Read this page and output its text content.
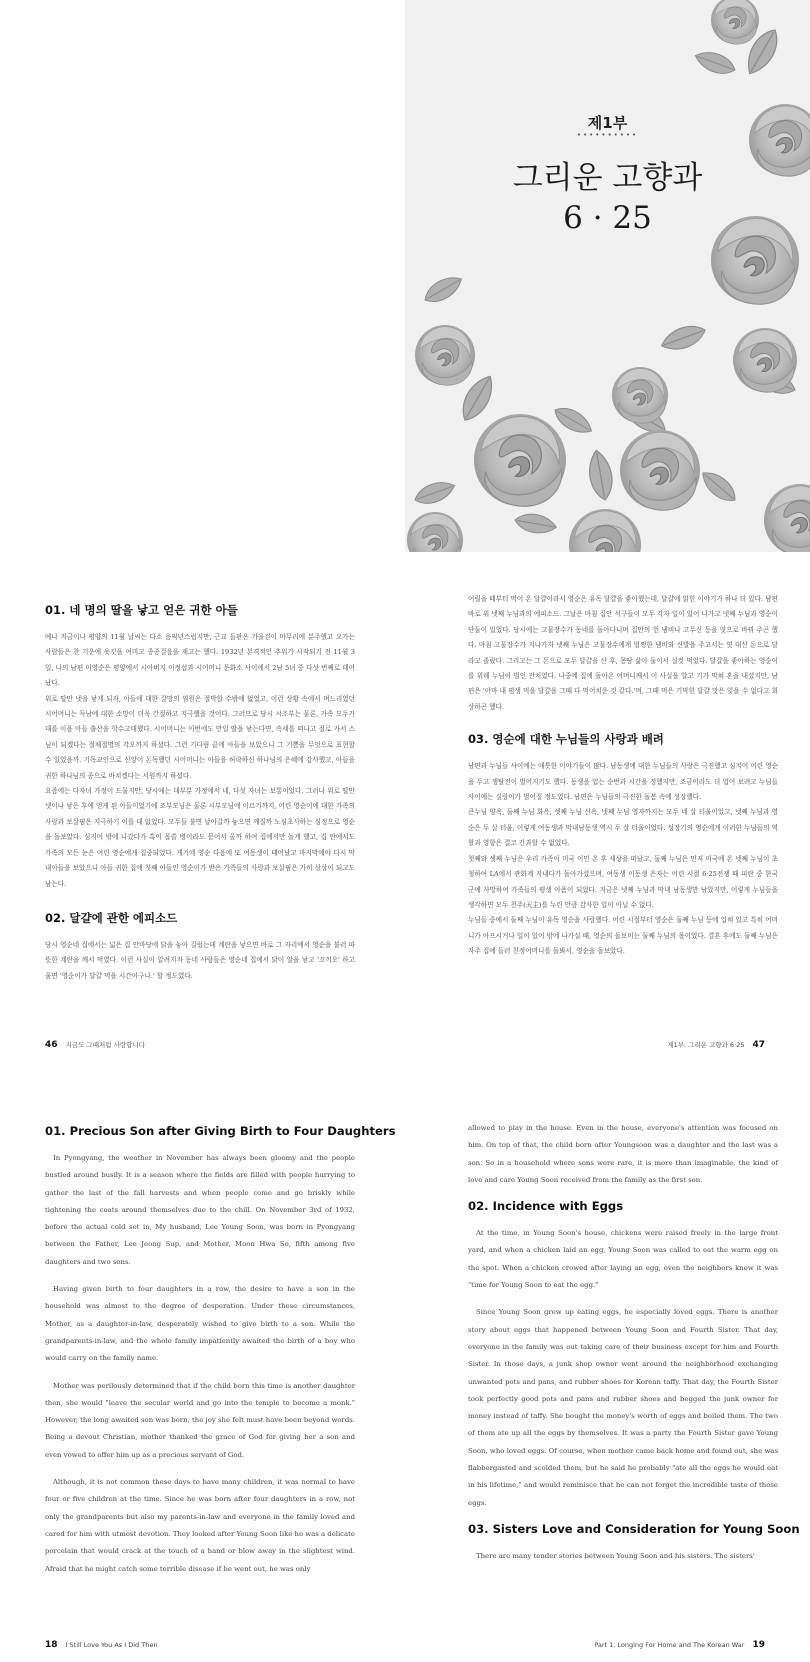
제1부
••••••••••
그리운 고향과
6 · 25
01. 네 명의 딸을 낳고 얻은 귀한 아들

예나 지금이나 평양의 11월 날씨는 다소 음픽년스럽지만, 근교 들판은 가을걷이 마무리에 분주했고 오가는 사람들은 찬 기운에 옷깃을 여미고 종종걸음을 재고는 했다. 1932년 본격적인 추위가 시작되기 전 11월 3일, 나의 남편 이영순은 평양에서 시아버지 이정섭과 시어머니 문화소 사이에서 2남 5녀 중 다섯 번째로 태어났다.

위로 딸만 넷을 낳게 되자, 아들에 대한 갈망의 염원은 절박할 수밖에 없었고, 이런 상황 속에서 며느리였던 시어머니는 득남에 대한 소망이 더욱 간절하고 지극했을 것이다. 그러므로 당시 시조부는 물론, 가족 모두가 대를 이을 아들 출산을 학수고대했다. 시어머니는 이번에도 만일 딸을 낳는다면, 속세를 떠나고 절로 가서 스님이 되겠다는 절체절명의 각오까지 하셨다. 그런 기다림 끝에 아들을 보았으니 그 기쁨을 무엇으로 표현할 수 있었을까. 기독교인으로 신앙이 돈독했던 시어머니는 아들을 허락하신 하나님의 은혜에 감사했고, 아들을 귀한 하나님의 종으로 바치겠다는 서원까지 하셨다.

요즘에는 다자녀 가정이 드물지만, 당시에는 대부분 가정에서 네, 다섯 자녀는 보통이었다. 그러나 위로 딸만 넷이나 낳은 후에 얻게 된 아들이었기에 조부모님은 물론 시부모님에 이르기까지, 어린 영순이에 대한 가족의 사랑과 보살핌은 지극하기 이를 데 없었다. 모두들 불면 날아갈까 놓으면 깨질까 노심초사하는 심정으로 영순을 돌보았다. 심지어 밖에 나갔다가 혹이 몹쓸 병이라도 묻어서 올까 하여 집에서만 놀게 했고, 집 안에서도 가족의 모든 눈은 어린 영순에게 집중되었다. 게기에 영순 다음에 또 여동생이 태어났고 마지막에야 다시 막내아들을 보았으니 아들 귀한 집에 첫째 아들인 영순이가 받은 가족들의 사랑과 보살핌은 가히 상상이 되고도 남는다.

02. 달걀에 관한 에피소드

당시 영순네 집에서는 넓은 집 안마당에 닭을 놓아 길렀는데 계란을 낳으면 바로 그 자리에서 영순을 불러 따뜻한 계란을 깨서 먹였다. 이런 사실이 알려지자 동네 사람들은 영순네 집에서 닭이 알을 낳고 '꼬끼오' 하고 울면 '영순이가 달걀 먹을 시간이구나.' 할 정도였다.

46 지금도 그때처럼 사랑합니다

어릴을 때부터 먹어 온 달걀이라서 영순은 유독 달걀을 좋아했는데, 달걀에 얽힌 이야기가 하나 더 있다. 남편 바로 위 넷째 누님과의 에피소드. 그날은 마침 집안 식구들이 모두 각자 일이 있어 나가고 넷째 누님과 영순이 단둘이 있었다. 당시에는 고물장수가 동네를 돌아다니며 집안의 헌 냄비나 고무신 등을 엿으로 바꿔 주곤 했다. 마침 고물장수가 지나가자 넷째 누님은 고물장수에게 멀쩡한 냄비와 신발을 주고서는 엿 대신 돈으로 달라고 졸랐다. 그리고는 그 돈으로 모두 달걀을 산 후, 몽땅 삶아 둘이서 실컷 먹었다. 달걀을 좋아하는 영순이를 위해 누님이 벌인 잔치였다. 나중에 집에 돌아온 어머니께서 이 사실을 알고 기가 막혀 혼을 내셨지만, 남편은 '아마 내 평생 먹을 달걀을 그때 다 먹어치운 것 같다.'며, 그때 먹은 기막힌 달걀 맛은 잊을 수 없다고 회상하곤 했다.

03. 영순에 대한 누님들의 사랑과 배려

남편과 누님들 사이에는 애틋한 이야기들이 많다. 남동생에 대한 누님들의 사랑은 극진했고 심지어 어린 영순을 두고 쟁탈전이 벌어지기도 했다. 동생을 업는 순번과 시간을 정했지만, 조금이라도 더 업어 보려고 누님들 사이에는 실랑이가 벌어질 정도였다. 남편은 누님들의 극진한 돌봄 속에 성장했다.

큰누님 양옥, 둘째 누님 화옥, 셋째 누님 신옥, 넷째 누님 영자까지는 모두 네 살 터울이었고, 넷째 누님과 영순은 두 살 터울, 이렇게 여동생과 막내남동생 역시 두 살 터울이었다. 성장기의 영순에게 이러한 누님들의 역할과 영향은 결코 간과할 수 없었다.

첫째와 셋째 누님은 우리 가족이 미국 이민 온 후 세상을 떠났고, 둘째 누님은 먼저 미국에 온 넷째 누님이 초청하여 LA에서 관화계 지내다가 돌아가셨으며, 여동생 이동생 은자는 어린 시절 6·25전쟁 때 피란 중 한국군에 사망하여 가족들의 평생 아픔이 되었다. 지금은 넷째 누님과 막내 남동생만 남았지만, 이렇게 누님들을 생각하면 모두 천주(天主)를 누린 만큼 감사한 일이 아닐 수 없다.

누님들 중에서 둘째 누님이 유독 영순을 사랑했다. 어린 시절부터 영순은 둘째 누님 등에 업혀 있고 특히 어머니가 아프시거나 일이 있어 밖에 나가실 때, 영순의 돌보미는 둘째 누님의 몫이었다. 결혼 후에도 둘째 누님은 자주 집에 들러 친정어머니를 돌봐서, 영순을 돌보았다.

제1부. 그리운 고향과 6·25 47
01. Precious Son after Giving Birth to Four Daughters

In Pyongyang, the weather in November has always been gloomy and the people bustled around busily. It is a season where the fields are filled with people hurrying to gather the last of the fall harvests and when people come and go briskly while tightening the coats around themselves due to the chill. On November 3rd of 1932, before the actual cold set in, My husband, Lee Young Soon, was born in Pyongyang between the Father, Lee Jeong Sup, and Mother, Moon Hwa So, fifth among five daughters and two sons.

Having given birth to four daughters in a row, the desire to have a son in the household was almost to the degree of desperation. Under these circumstances, Mother, as a daughter-in-law, desperately wished to give birth to a son. While the grandparents-in-law, and the whole family impatiently awaited the birth of a boy who would carry on the family name.

Mother was perilously determined that if the child born this time is another daughter then, she would "leave the secular world and go into the temple to become a monk." However, the long awaited son was born, the joy she felt must have been beyond words. Being a devout Christian, mother thanked the grace of God for giving her a son and even vowed to offer him up as a precious servant of God.

Although, it is not common these days to have many children, it was normal to have four or five children at the time. Since he was born after four daughters in a row, not only the grandparents but also my parents-in-law and everyone in the family loved and cared for him with utmost devotion. They looked after Young Soon like he was a delicate porcelain that would crack at the touch of a hand or blow away in the slightest wind. Afraid that he might catch some terrible disease if he went out, he was only

18 I Still Love You As I Did Then

allowed to play in the house. Even in the house, everyone's attention was focused on him. On top of that, the child born after Youngsoon was a daughter and the last was a son. So in a household where sons were rare, it is more than imaginable, the kind of love and care Young Soon received from the family as the first son.

02. Incidence with Eggs

At the time, in Young Soon's house, chickens were raised freely in the large front yard, and when a chicken laid an egg, Young Soon was called to eat the warm egg on the spot. When a chicken crowed after laying an egg, even the neighbors knew it was "time for Young Soon to eat the egg."

Since Young Soon grew up eating eggs, he especially loved eggs. There is another story about eggs that happened between Young Soon and Fourth Sister. That day, everyone in the family was out taking care of their business except for him and Fourth Sister. In those days, a junk shop owner went around the neighborhood exchanging unwanted pots and pans, and rubber shoes for Korean taffy. That day, the Fourth Sister took perfectly good pots and pans and rubber shoes and begged the junk owner for money instead of taffy. She bought the money's worth of eggs and boiled them. The two of them ate up all the eggs by themselves. It was a party the Fourth Sister gave Young Soon, who loved eggs. Of course, when mother came back home and found out, she was flabbergasted and scolded them, but he said he probably "ate all the eggs he would eat in his lifetime," and would reminisce that he can not forget the incredible taste of those eggs.

03. Sisters Love and Consideration for Young Soon

There are many tender stories between Young Soon and his sisters. The sisters'

Part 1. Longing For Home and The Korean War 19
